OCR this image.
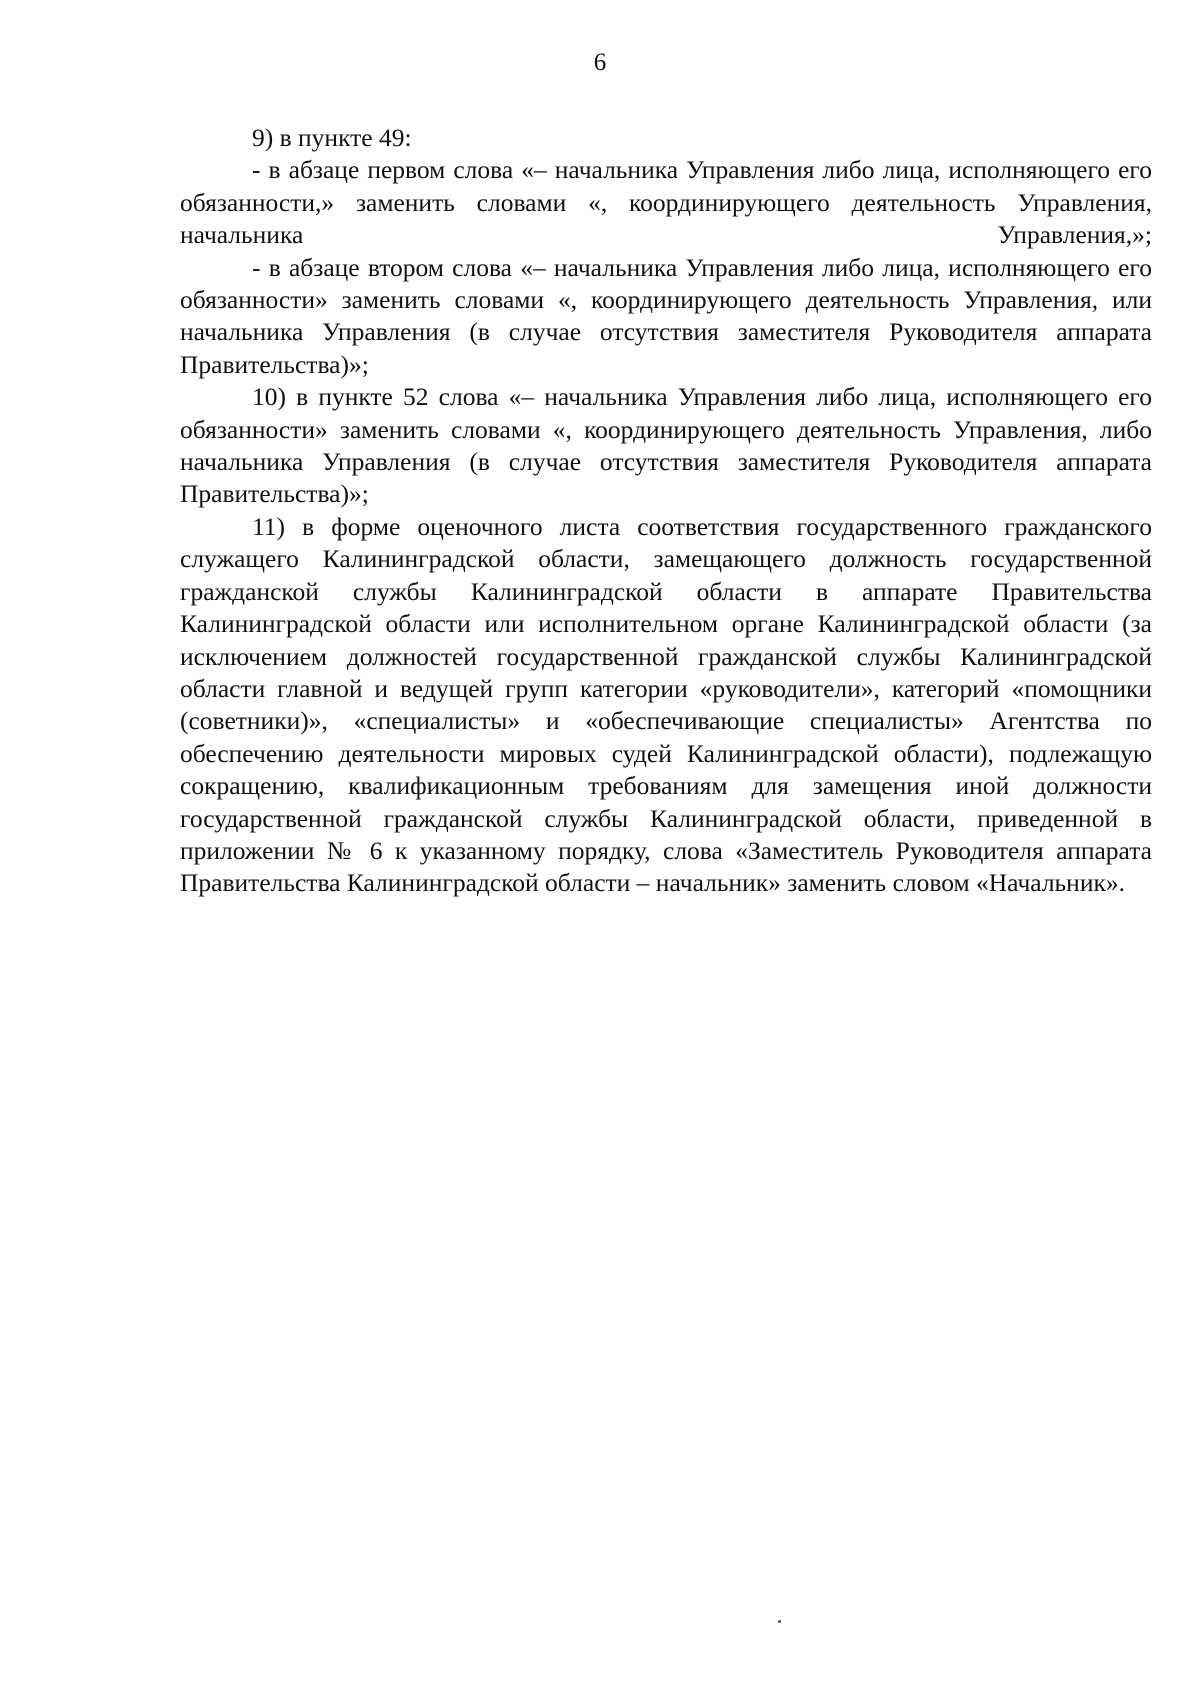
6

9) в пункте 49:

- в абзаце первом слова «– начальника Управления либо лица, исполняющего его обязанности,» заменить словами «, координирующего деятельность Управления, начальника Управления,»;

- в абзаце втором слова «– начальника Управления либо лица, исполняющего его обязанности» заменить словами «, координирующего деятельность Управления, или начальника Управления (в случае отсутствия заместителя Руководителя аппарата Правительства)»;

10) в пункте 52 слова «– начальника Управления либо лица, исполняющего его обязанности» заменить словами «, координирующего деятельность Управления, либо начальника Управления (в случае отсутствия заместителя Руководителя аппарата Правительства)»;

11) в форме оценочного листа соответствия государственного гражданского служащего Калининградской области, замещающего должность государственной гражданской службы Калининградской области в аппарате Правительства Калининградской области или исполнительном органе Калининградской области (за исключением должностей государственной гражданской службы Калининградской области главной и ведущей групп категории «руководители», категорий «помощники (советники)», «специалисты» и «обеспечивающие специалисты» Агентства по обеспечению деятельности мировых судей Калининградской области), подлежащую сокращению, квалификационным требованиям для замещения иной должности государственной гражданской службы Калининградской области, приведенной в приложении № 6 к указанному порядку, слова «Заместитель Руководителя аппарата Правительства Калининградской области – начальник» заменить словом «Начальник».
